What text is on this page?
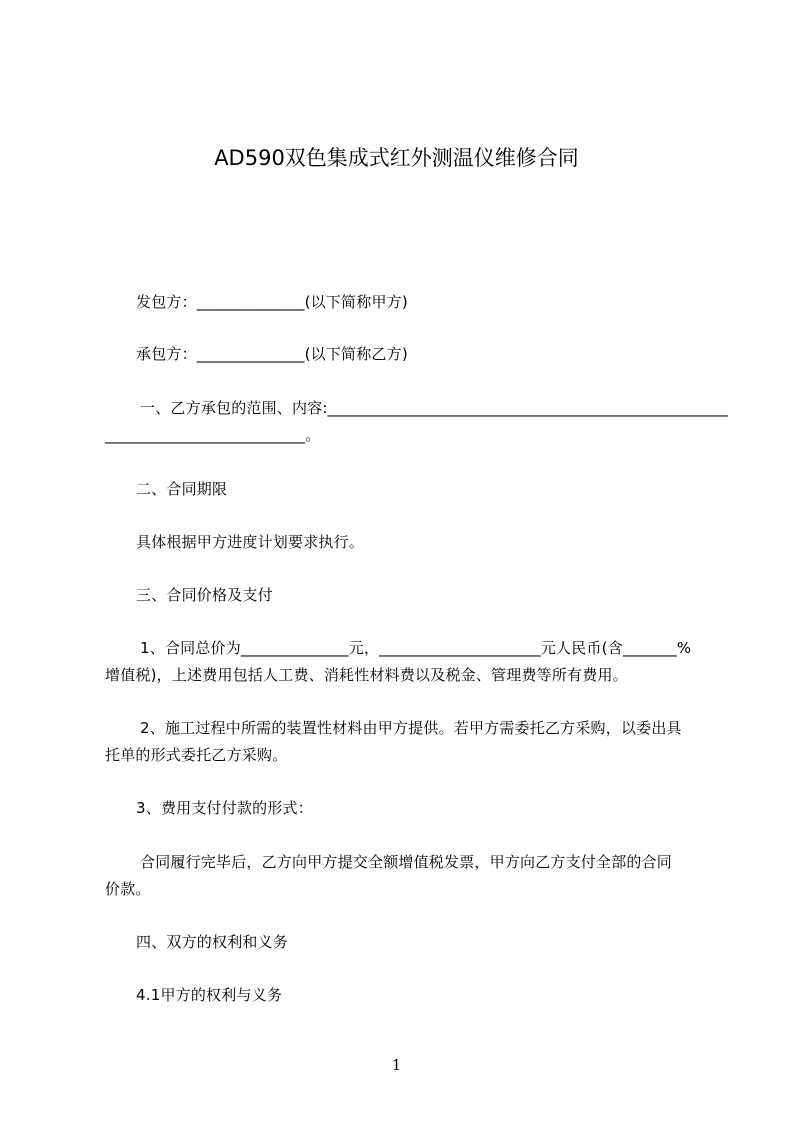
AD590双色集成式红外测温仪维修合同
发包方：______________(以下简称甲方)
承包方：______________(以下简称乙方)
一、乙方承包的范围、内容:____________________________________________________
__________________________。
二、合同期限
具体根据甲方进度计划要求执行。
三、合同价格及支付
1、合同总价为______________元，_____________________元人民币(含_______%
增值税)，上述费用包括人工费、消耗性材料费以及税金、管理费等所有费用。
2、施工过程中所需的装置性材料由甲方提供。若甲方需委托乙方采购，以委出具
托单的形式委托乙方采购。
3、费用支付付款的形式：
合同履行完毕后，乙方向甲方提交全额增值税发票，甲方向乙方支付全部的合同
价款。
四、双方的权利和义务
4.1甲方的权利与义务
1
